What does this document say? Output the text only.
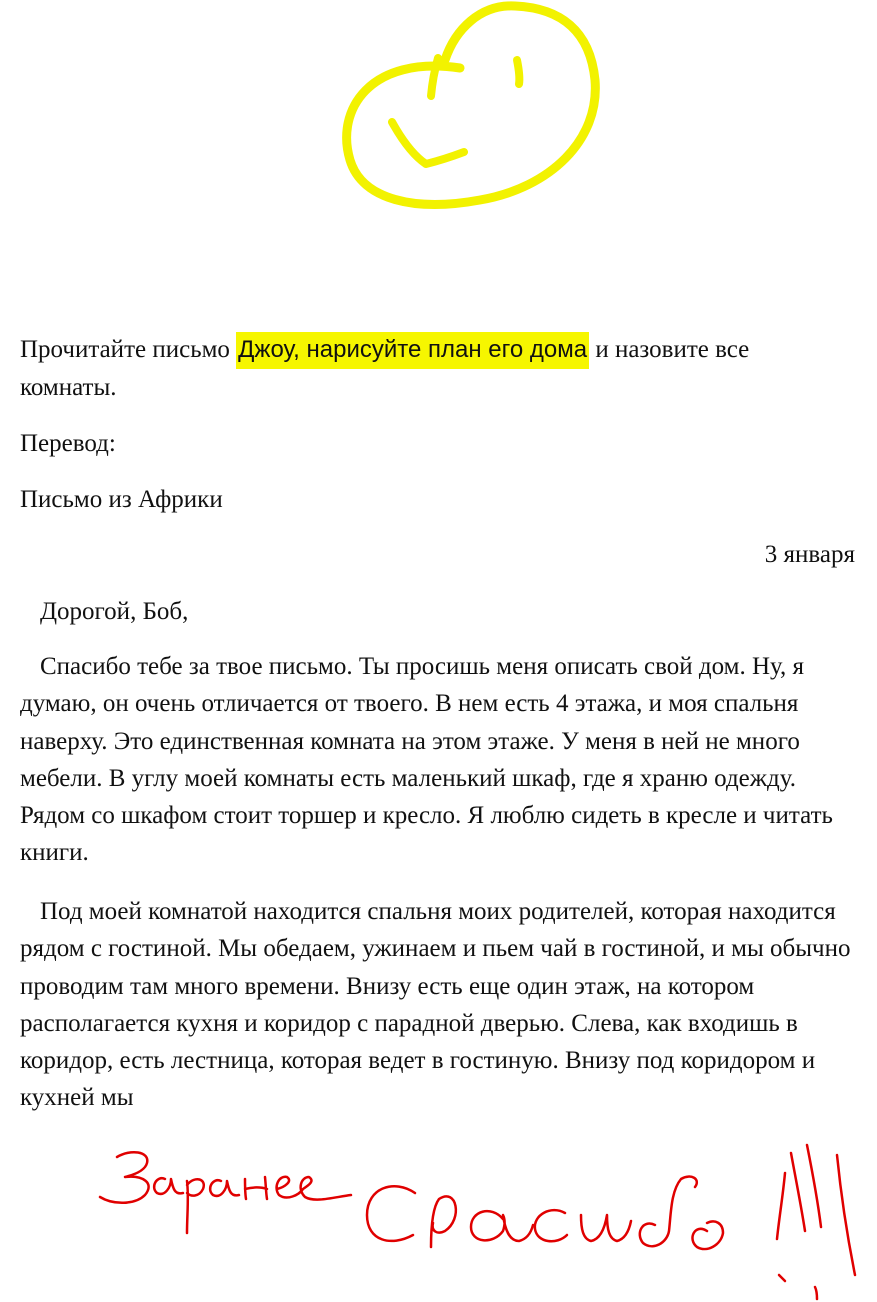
Прочитайте письмо Джоу, нарисуйте план его дома и назовите все

комнаты.

Перевод:

Письмо из Африки

3 января

Дорогой, Боб,

Спасибо тебе за твое письмо. Ты просишь меня описать свой дом. Ну, я думаю, он очень отличается от твоего. В нем есть 4 этажа, и моя спальня наверху. Это единственная комната на этом этаже. У меня в ней не много мебели. В углу моей комнаты есть маленький шкаф, где я храню одежду. Рядом со шкафом стоит торшер и кресло. Я люблю сидеть в кресле и читать книги.

Под моей комнатой находится спальня моих родителей, которая находится рядом с гостиной. Мы обедаем, ужинаем и пьем чай в гостиной, и мы обычно проводим там много времени. Внизу есть еще один этаж, на котором располагается кухня и коридор с парадной дверью. Слева, как входишь в коридор, есть лестница, которая ведет в гостиную. Внизу под коридором и кухней мы
